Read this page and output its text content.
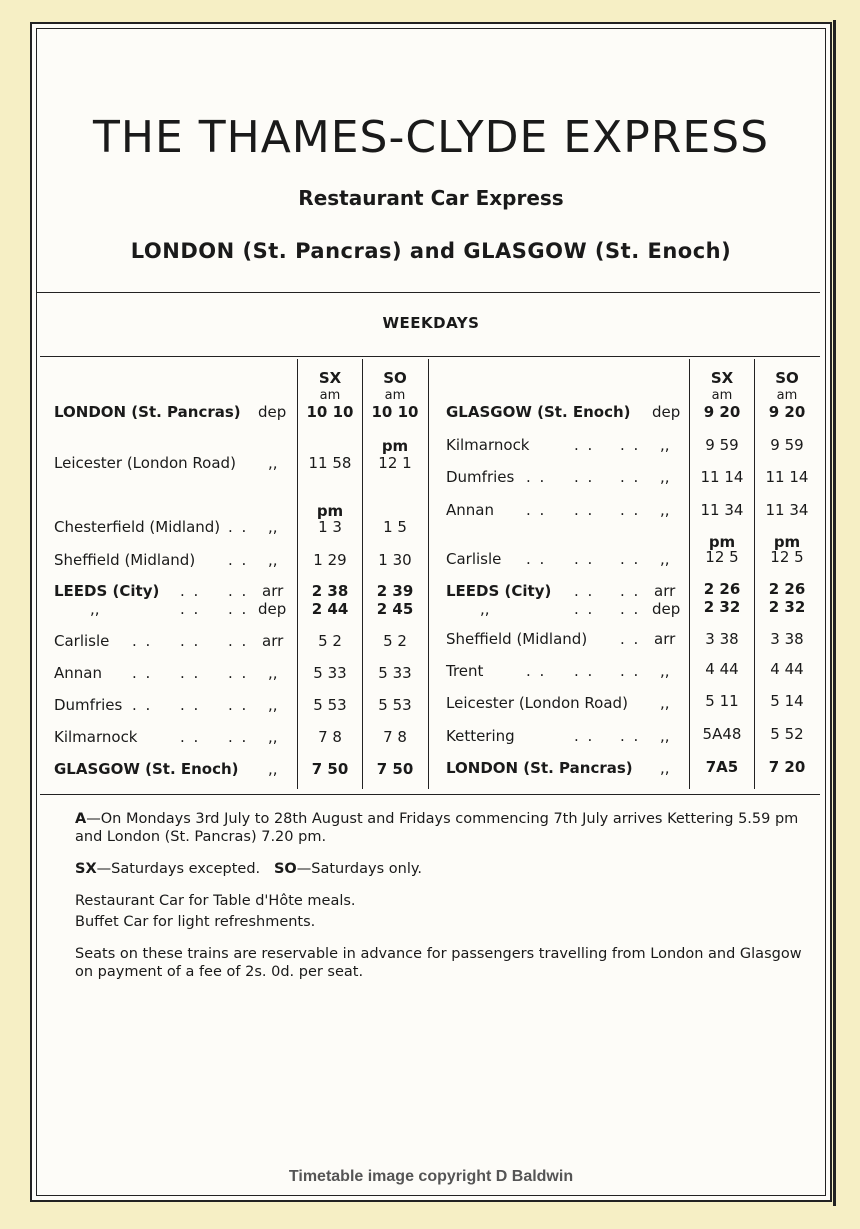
THE THAMES-CLYDE EXPRESS
Restaurant Car Express
LONDON (St. Pancras) and GLASGOW (St. Enoch)
WEEKDAYS
SX	SO
am	am
SX	SO
am	am
LONDON (St. Pancras) dep	10 10	10 10
pm
Leicester (London Road) ,,	11 58	12 1
pm
Chesterfield (Midland) . . ,,	1 3	1 5
Sheffield (Midland) . . ,,	1 29	1 30
LEEDS (City) . . . . arr	2 38	2 39
,,	. . . . dep	2 44	2 45
Carlisle . . . . . . arr	5 2	5 2
Annan . . . . . . ,,	5 33	5 33
Dumfries . . . . . . ,,	5 53	5 53
Kilmarnock	. . . . ,,	7 8	7 8
GLASGOW (St. Enoch) ,,	7 50	7 50
GLASGOW (St. Enoch) dep	9 20	9 20
Kilmarnock	. . . . ,,	9 59	9 59
Dumfries . . . . . . ,,	11 14	11 14
Annan . . . . . . ,,	11 34	11 34
pm	pm
Carlisle . . . . . . ,,	12 5	12 5
LEEDS (City) . . . . arr	2 26	2 26
,,	. . . . dep	2 32	2 32
Sheffield (Midland) . . arr	3 38	3 38
Trent	. . . . . . ,,	4 44	4 44
Leicester (London Road) ,,	5 11	5 14
Kettering	. . . . ,,	5A48	5 52
LONDON (St. Pancras) ,,	7A5	7 20
A—On Mondays 3rd July to 28th August and Fridays commencing 7th July arrives Kettering 5.59 pm and London (St. Pancras) 7.20 pm.
SX—Saturdays excepted. SO—Saturdays only.
Restaurant Car for Table d'Hôte meals.
Buffet Car for light refreshments.
Seats on these trains are reservable in advance for passengers travelling from London and Glasgow on payment of a fee of 2s. 0d. per seat.
Timetable image copyright D Baldwin
